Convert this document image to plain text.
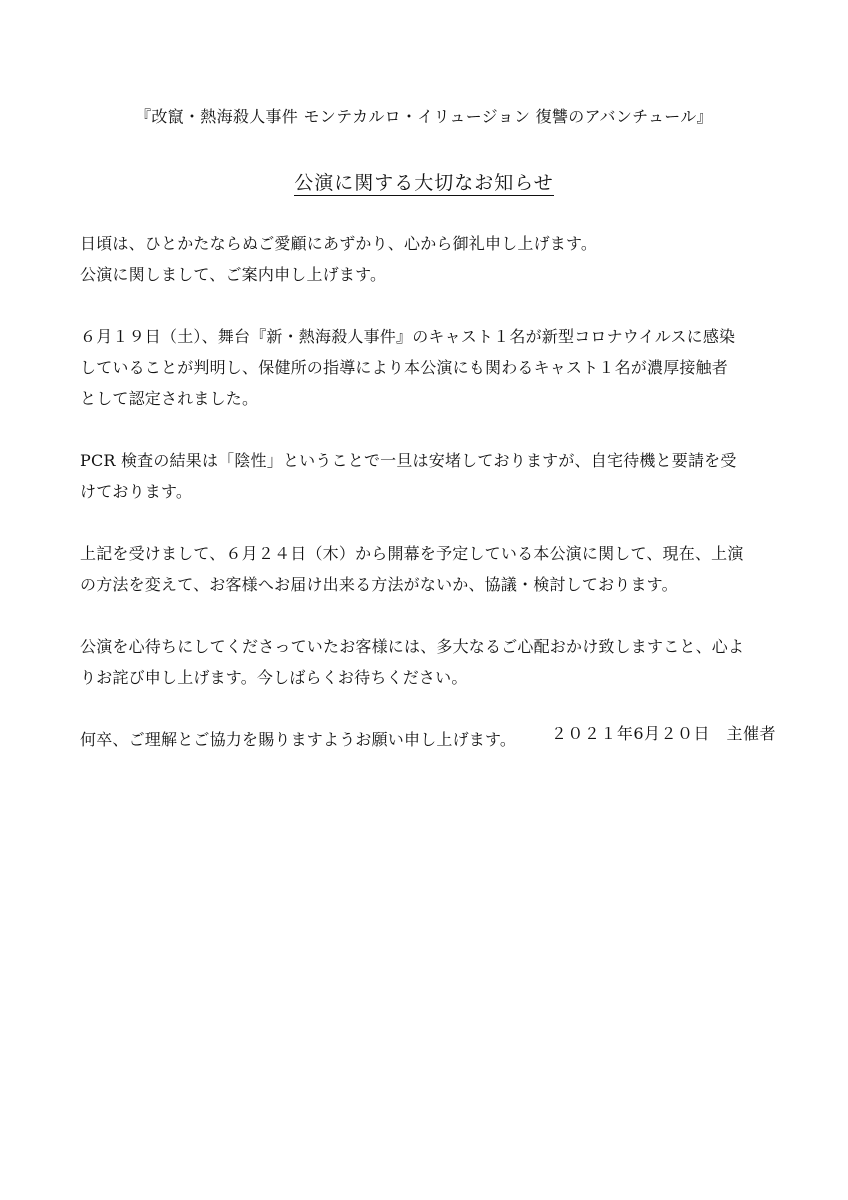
『改竄・熱海殺人事件 モンテカルロ・イリュージョン 復讐のアバンチュール』
公演に関する大切なお知らせ

日頃は、ひとかたならぬご愛顧にあずかり、心から御礼申し上げます。
公演に関しまして、ご案内申し上げます。

６月１９日（土）、舞台『新・熱海殺人事件』のキャスト１名が新型コロナウイルスに感染
していることが判明し、保健所の指導により本公演にも関わるキャスト１名が濃厚接触者
として認定されました。

PCR 検査の結果は「陰性」ということで一旦は安堵しておりますが、自宅待機と要請を受
けております。

上記を受けまして、６月２４日（木）から開幕を予定している本公演に関して、現在、上演
の方法を変えて、お客様へお届け出来る方法がないか、協議・検討しております。

公演を心待ちにしてくださっていたお客様には、多大なるご心配おかけ致しますこと、心よ
りお詫び申し上げます。今しばらくお待ちください。

何卒、ご理解とご協力を賜りますようお願い申し上げます。	２０２１年6月２０日　主催者
